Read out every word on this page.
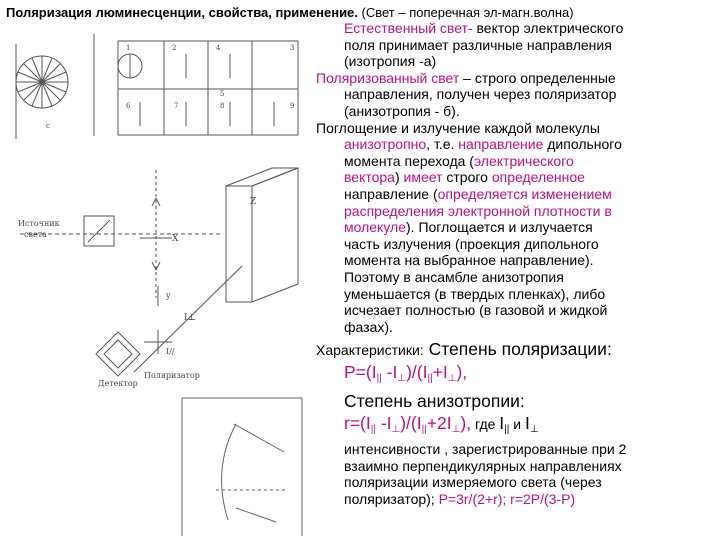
Поляризация люминесценции, свойства, применение. (Свет – поперечная эл-магн.волна)
1	2	4	3
5
6	7	8	9
c
Источник
света
Z
X
y
I⊥
I//
Детектор
Поляризатор

Естественный свет- вектор электрического

поля принимает различные направления

(изотропия -а)

Поляризованный свет – строго определенные

направления, получен через поляризатор

(анизотропия - б).

Поглощение и излучение каждой молекулы

анизотропно, т.е. направление дипольного

момента перехода (электрического

вектора) имеет строго определенное

направление (определяется изменением

распределения электронной плотности в

молекуле). Поглощается и излучается

часть излучения (проекция дипольного

момента на выбранное направление).

Поэтому в ансамбле анизотропия

уменьшается (в твердых пленках), либо

исчезает полностью (в газовой и жидкой

фазах).

Характеристики: Степень поляризации:

$Р=(I_{||}$ $-I_\perp)/(I_{||}+I_\perp)$,

Степень анизотропии:

$r=(I_{||}$ $-I_\perp)/(I_{||}+2I_\perp)$, где $I_{||}$ и $I_\perp$

интенсивности , зарегистрированные при 2

взаимно перпендикулярных направлениях

поляризации измеряемого света (через

поляризатор); Р=3r/(2+r); r=2P/(3-P)
